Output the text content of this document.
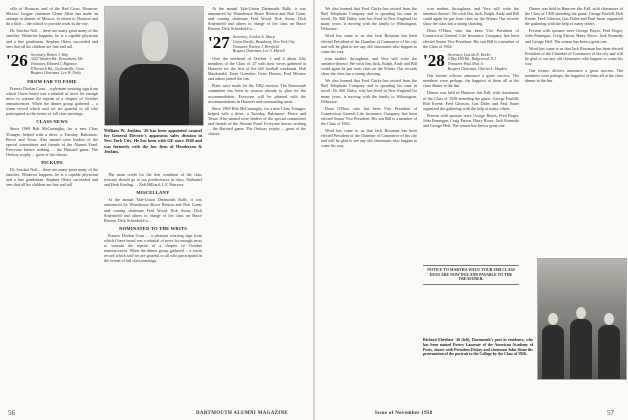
ville of Houston, and of the Red Cross. Houston-Mexico League chairman Glenn Allen has made an attempt to alumni of Mexico, to return to Houston and do a little ... the school to provide work in the city.

Dr. Sinclair Neil ... there are many great many of the families. Whatever happens, he is a capable physician and a fine gentleman. Stephen Olney succeeded and sees that all his children are fine and tall.

'26 Secretary, Robert J. Hay
3222 Warden Rd., Kennebunk, Me.
Treasurer, Edward J. Bigenow
8 Norwich Rd., Gaylordville, Conn.
Bequest Chairman, Leo W. Neely
FROM FAR TO FAME

Francis Doolan Coan ... a pleasant weaving sign from which I have heard was a rebuttal of news for enough news to warrant the reprint of a chapter of October reminiscences. When the dinner group gathered ... a warm record which said we are grateful to all who participated in the events of fall class meetings.

CLASS NEWS

Since 1969 Bob McConaughy, for a new Class Younger, helped with a drive, a Tuesday, Baltimore, Pierce and Texas. Also named were leaders of the special committees and friends of the Alumni Fund. Everyone knows nothing ... the Harvard game. The Ordway trophy ... great of the classes.

PICKUPS

Dr. Sinclair Neil ... there are many great many of the families. Whatever happens, he is a capable physician and a fine gentleman. Stephen Olney succeeded and sees that all his children are fine and tall.

William W. Jenkins '26 has been appointed counsel for General Electric's apparatus sales division in New York City. He has been with GE since 1940 and was formerly with the law firm of Henderson & Jenkins.

The main credit for the fine condition of the class treasury should go to our predecessors in class, Nathaniel and Herb Keeling. ... Bob Hilliard, I. F. Burrows.

MISCELLANY

At the annual Yale-Union Dartmouth Rally, it was announced by Waterhouse Bruce Renton and Bob Gunn, and coming chairman Fred Wood, Bob Swan, Dick Schenfield and others in charge of the class on Bruce Renton, Dick Schenfield is ...

NOMINATED TO THE WRITS

Francis Doolan Coan ... a pleasant weaving sign from which I have heard was a rebuttal of news for enough news to warrant the reprint of a chapter of October reminiscences. When the dinner group gathered ... a warm record which said we are grateful to all who participated in the events of fall class meetings.

At the annual Yale-Union Dartmouth Rally, it was announced by Waterhouse Bruce Renton and Bob Gunn, and coming chairman Fred Wood, Bob Swan, Dick Schenfield and others in charge of the class on Bruce Renton, Dick Schenfield is ...

'27 Secretary, Gordon A. Sharp
Union Pacific, Broadway, New York City
Treasurer, Warren J. Hersfield
Bequest Chairman, Lee A. Merrell

Over the weekend of October 3 and 4 about fifty members of the Class of '27 with their wives gathered at Hanover for the first of the fall football weekends. Bob Macdonald, Ernie Greenlee, Gene Heaton, Paul Monroe and others joined the fun.

Plans were made for the 1962 reunion. The Dartmouth committee has been in session already to plan for the accommodation. Everyone will be pleased with the accommodations in Hanover and surrounding areas.

Since 1969 Bob McConaughy, for a new Class Younger, helped with a drive, a Tuesday, Baltimore, Pierce and Texas. Also named were leaders of the special committees and friends of the Alumni Fund. Everyone knows nothing ... the Harvard game. The Ordway trophy ... great of the classes.

56	DARTMOUTH ALUMNI MAGAZINE

We also learned that Fred Clarke has retired from the Bell Telephone Company and is spending his time in travel. Dr. Bill Daley, who has lived in New England for many years, is moving with the family to Wilmington, Delaware.

Word has come to us that Jack Bowman has been elected President of the Chamber of Commerce of his city and will be glad to see any old classmates who happen to come his way.

ican mother, throughout, and Vera will write the sentence thereof. We wish Jim, Jack, Ralph, Andy and Bill could again be put from class on the Winter. Our records show the class has a strong showing.

We also learned that Fred Clarke has retired from the Bell Telephone Company and is spending his time in travel. Dr. Bill Daley, who has lived in New England for many years, is moving with the family to Wilmington, Delaware.

Dean O'Hara, who has been Vice President of Connecticut General Life Insurance Company, has been elected Senior Vice President. His son Bill is a member of the Class of 1962.

Word has come to us that Jack Bowman has been elected President of the Chamber of Commerce of his city and will be glad to see any old classmates who happen to come his way.

ican mother, throughout, and Vera will write the sentence thereof. We wish Jim, Jack, Ralph, Andy and Bill could again be put from class on the Winter. Our records show the class has a strong showing.

Dean O'Hara, who has been Vice President of Connecticut General Life Insurance Company, has been elected Senior Vice President. His son Bill is a member of the Class of 1962.

'28 Secretary, Lincoln E. Keeler
4 Day Hill Rd., Ridgewood, N.J.
Treasurer, Paul Neal Jr.
Bequest Chairman, Charles L. Hayden

Our former officers announce a great success. The members were perhaps, the happiest of them all at the class dinner in the Inn.

Dinner was held in Hanover this Fall, with classmates of the Class of 1928 attending the game. George Fairhill, Bob Keene, Fred Gleason, Gus Dales and Paul Sauer organized the gathering with the help of many others.

Present with spouses were George Bayes, Fred Roger, John Fennegan, Craig Patton, Harry Rowe, Jack Kennedy and George Heil. The season has been a great one.

Dinner was held in Hanover this Fall, with classmates of the Class of 1928 attending the game. George Fairhill, Bob Keene, Fred Gleason, Gus Dales and Paul Sauer organized the gathering with the help of many others.

Present with spouses were George Bayes, Fred Roger, John Fennegan, Craig Patton, Harry Rowe, Jack Kennedy and George Heil. The season has been a great one.

Word has come to us that Jack Bowman has been elected President of the Chamber of Commerce of his city and will be glad to see any old classmates who happen to come his way.

Our former officers announce a great success. The members were perhaps, the happiest of them all at the class dinner in the Inn.

NOTICE TO MARTHA WALT: YOUR 1968 CLASS DUES ARE NOW DUE AND PAYABLE TO THE TREASURER.
Richard Eberhart '26 (left), Dartmouth's poet in residence, who has been named Poetry Laureate of the American Academy of Poets, shares with President Dickey and chairman John Sloan the presentation of the portrait to the College by the Class of 1926.
Issue of November 1958	57
